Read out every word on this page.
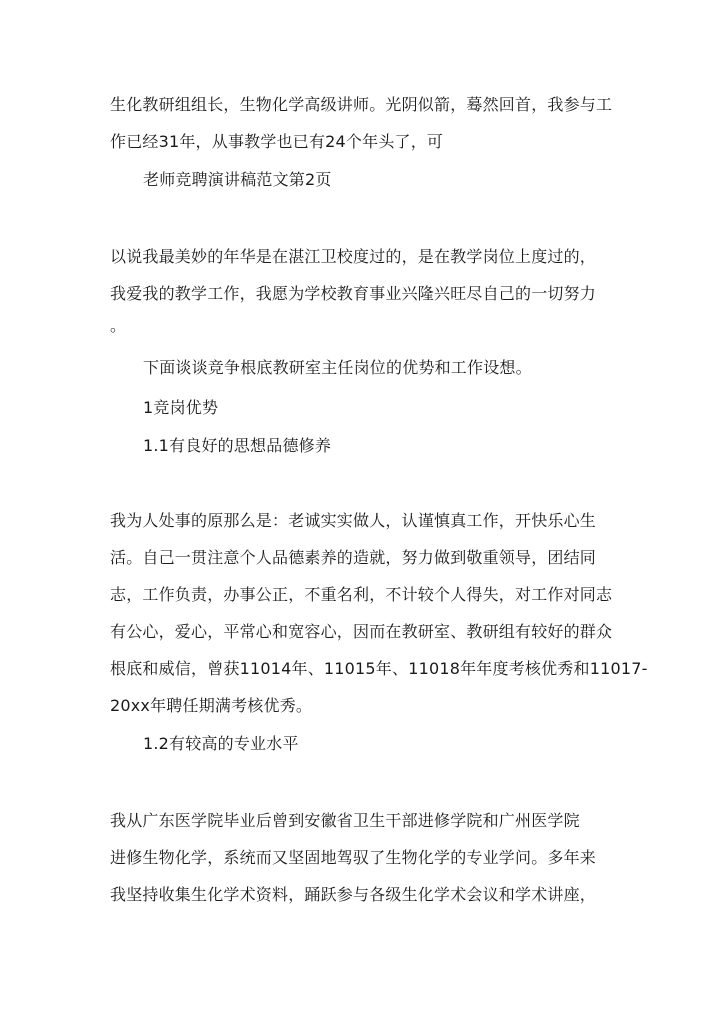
生化教研组组长，生物化学高级讲师。光阴似箭，蓦然回首，我参与工
作已经31年，从事教学也已有24个年头了，可
老师竞聘演讲稿范文第2页
以说我最美妙的年华是在湛江卫校度过的，是在教学岗位上度过的，
我爱我的教学工作，我愿为学校教育事业兴隆兴旺尽自己的一切努力
。
下面谈谈竞争根底教研室主任岗位的优势和工作设想。
1竞岗优势
1.1有良好的思想品德修养
我为人处事的原那么是：老诚实实做人，认谨慎真工作，开快乐心生
活。自己一贯注意个人品德素养的造就，努力做到敬重领导，团结同
志，工作负责，办事公正，不重名利，不计较个人得失，对工作对同志
有公心，爱心，平常心和宽容心，因而在教研室、教研组有较好的群众
根底和威信，曾获11014年、11015年、11018年年度考核优秀和11017-
20xx年聘任期满考核优秀。
1.2有较高的专业水平
我从广东医学院毕业后曾到安徽省卫生干部进修学院和广州医学院
进修生物化学，系统而又坚固地驾驭了生物化学的专业学问。多年来
我坚持收集生化学术资料，踊跃参与各级生化学术会议和学术讲座，
